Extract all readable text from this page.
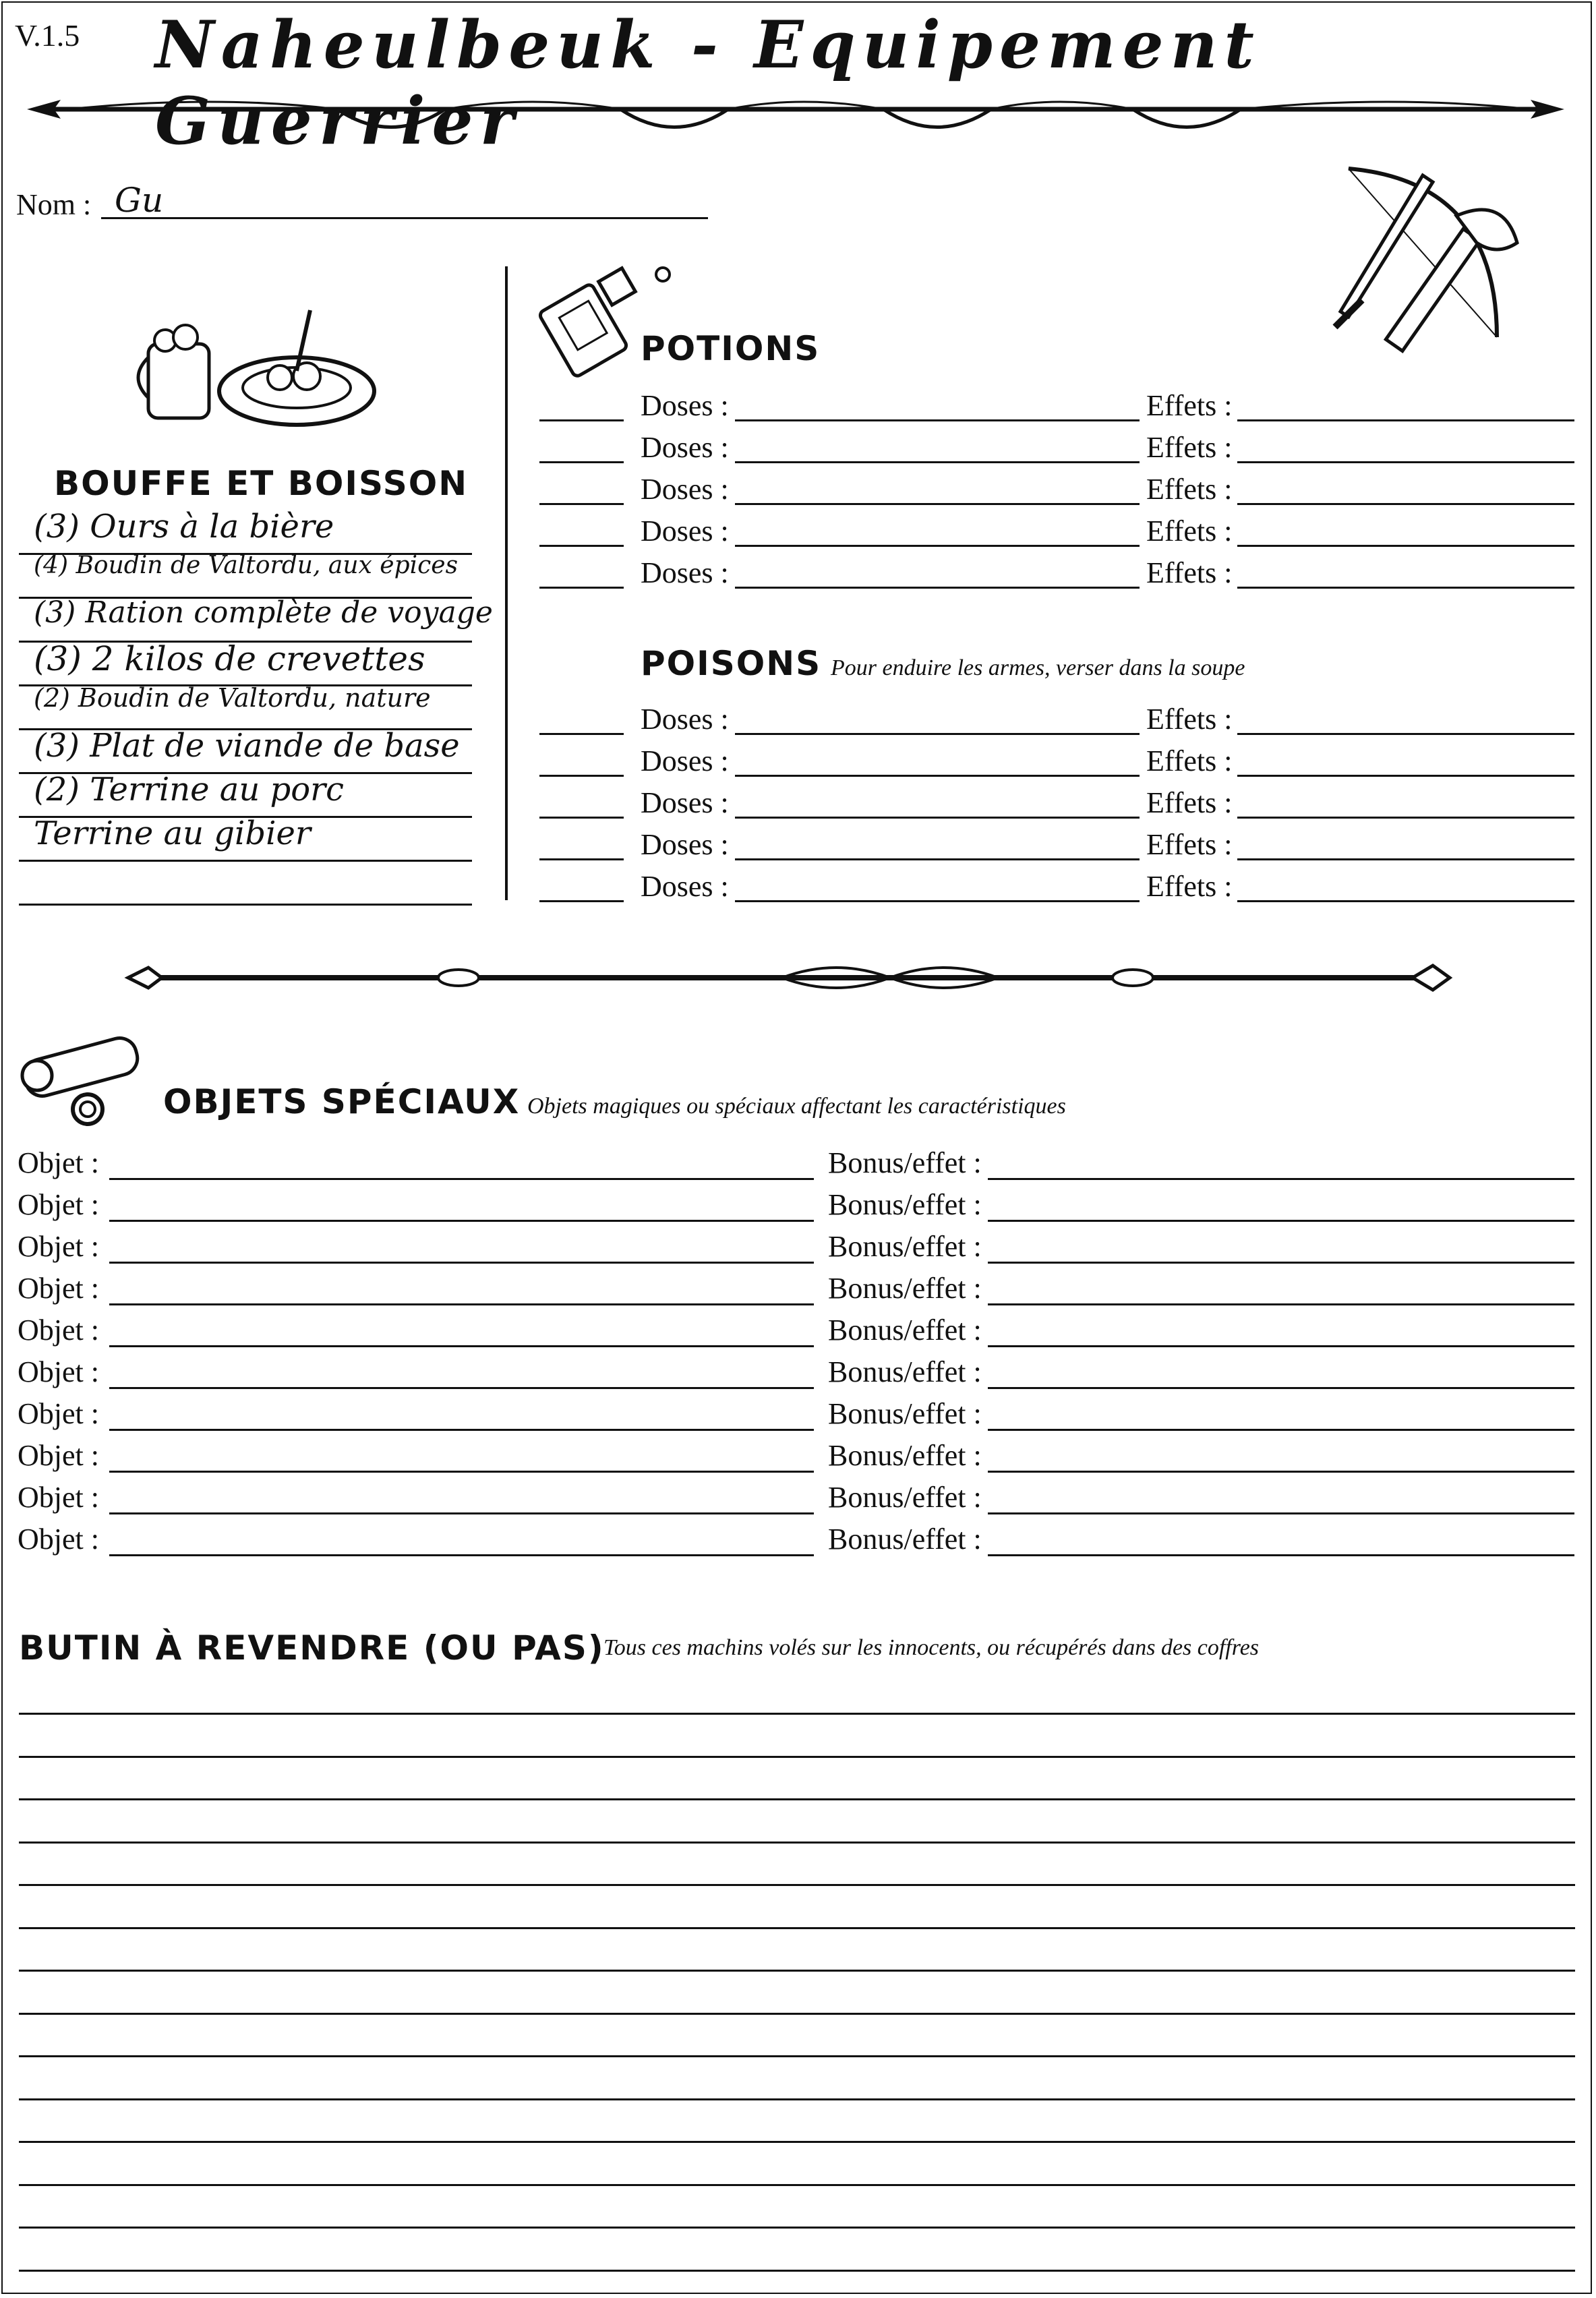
V.1.5 Naheulbeuk - Equipement Guerrier
Nom : Gu
BOUFFE ET BOISSON
(3) Ours à la bière
(4) Boudin de Valtordu, aux épices
(3) Ration complète de voyage
(3) 2 kilos de crevettes
(2) Boudin de Valtordu, nature
(3) Plat de viande de base
(2) Terrine au porc
Terrine au gibier
POTIONS
Doses :	Effets :
Doses :	Effets :
Doses :	Effets :
Doses :	Effets :
Doses :	Effets :
POISONS Pour enduire les armes, verser dans la soupe
Doses :	Effets :
Doses :	Effets :
Doses :	Effets :
Doses :	Effets :
Doses :	Effets :
OBJETS SPÉCIAUX Objets magiques ou spéciaux affectant les caractéristiques
Objet :	Bonus/effet :
Objet :	Bonus/effet :
Objet :	Bonus/effet :
Objet :	Bonus/effet :
Objet :	Bonus/effet :
Objet :	Bonus/effet :
Objet :	Bonus/effet :
Objet :	Bonus/effet :
Objet :	Bonus/effet :
Objet :	Bonus/effet :
BUTIN À REVENDRE (OU PAS)
Tous ces machins volés sur les innocents, ou récupérés dans des coffres
